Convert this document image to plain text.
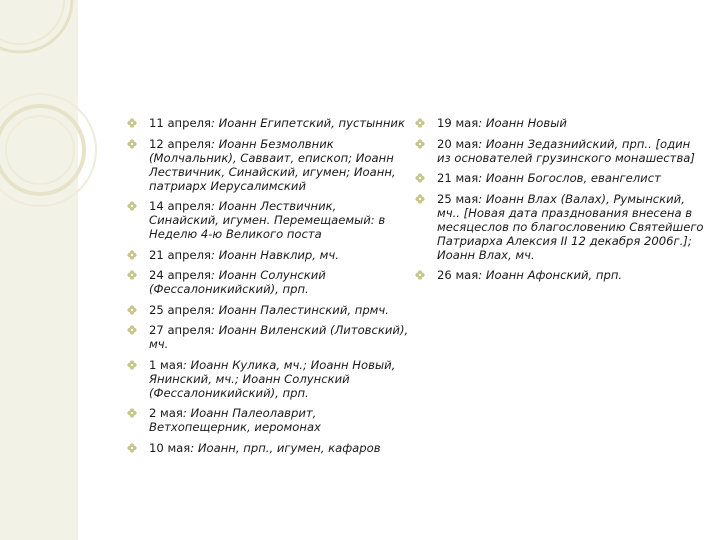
11 апреля: Иоанн Египетский, пустынник
12 апреля: Иоанн Безмолвник (Молчальник), Савваит, епископ; Иоанн Лествичник, Синайский, игумен; Иоанн, патриарх Иерусалимский
14 апреля: Иоанн Лествичник, Синайский, игумен. Перемещаемый: в Неделю 4-ю Великого поста
21 апреля: Иоанн Навклир, мч.
24 апреля: Иоанн Солунский (Фессалоникийский), прп.
25 апреля: Иоанн Палестинский, прмч.
27 апреля: Иоанн Виленский (Литовский), мч.
1 мая: Иоанн Кулика, мч.; Иоанн Новый, Янинский, мч.; Иоанн Солунский (Фессалоникийский), прп.
2 мая: Иоанн Палеолаврит, Ветхопещерник, иеромонах
10 мая: Иоанн, прп., игумен, кафаров
19 мая: Иоанн Новый
20 мая: Иоанн Зедазнийский, прп.. [один из основателей грузинского монашества]
21 мая: Иоанн Богослов, евангелист
25 мая: Иоанн Влах (Валах), Румынский, мч.. [Новая дата празднования внесена в месяцеслов по благословению Святейшего Патриарха Алексия II 12 декабря 2006г.]; Иоанн Влах, мч.
26 мая: Иоанн Афонский, прп.
